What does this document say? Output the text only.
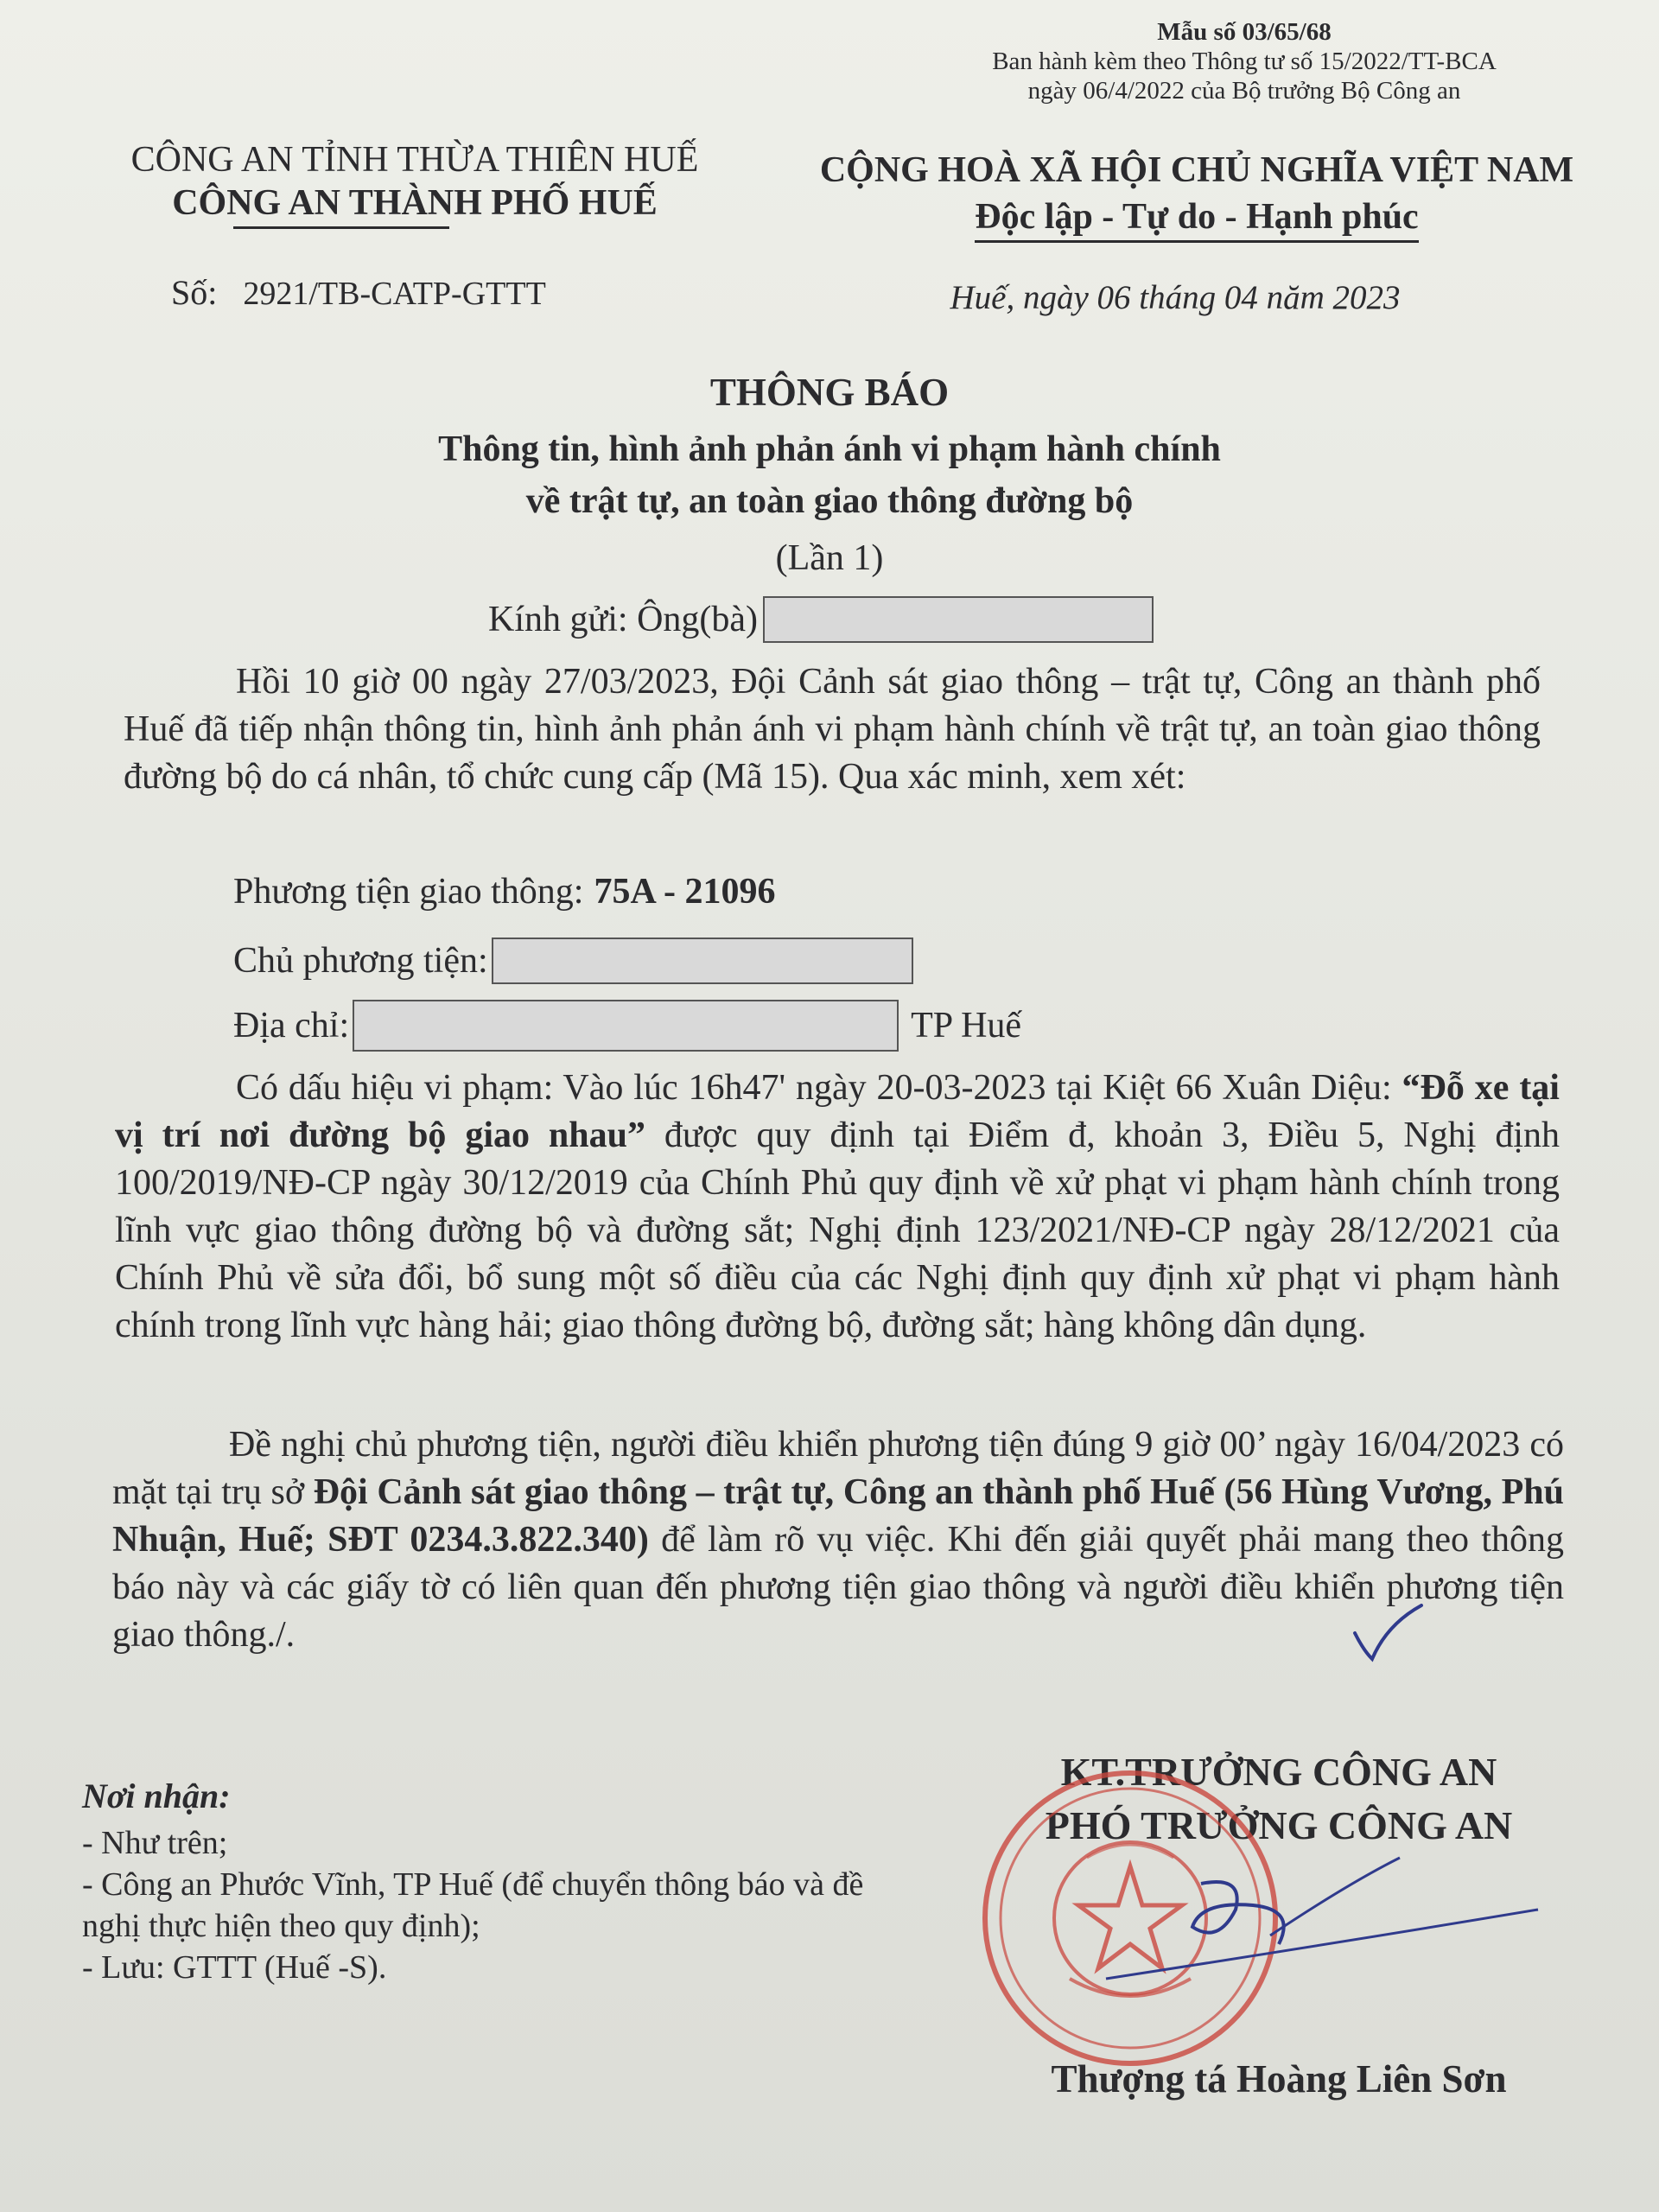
Mẫu số 03/65/68
Ban hành kèm theo Thông tư số 15/2022/TT-BCA
ngày 06/4/2022 của Bộ trưởng Bộ Công an
CÔNG AN TỈNH THỪA THIÊN HUẾ
CÔNG AN THÀNH PHỐ HUẾ
CỘNG HOÀ XÃ HỘI CHỦ NGHĨA VIỆT NAM
Độc lập - Tự do - Hạnh phúc
Số: 2921/TB-CATP-GTTT	Huế, ngày 06 tháng 04 năm 2023
THÔNG BÁO
Thông tin, hình ảnh phản ánh vi phạm hành chính
về trật tự, an toàn giao thông đường bộ
(Lần 1)
Kính gửi: Ông(bà)
Hồi 10 giờ 00 ngày 27/03/2023, Đội Cảnh sát giao thông – trật tự, Công an thành phố Huế đã tiếp nhận thông tin, hình ảnh phản ánh vi phạm hành chính về trật tự, an toàn giao thông đường bộ do cá nhân, tổ chức cung cấp (Mã 15). Qua xác minh, xem xét:
Phương tiện giao thông: 75A - 21096
Chủ phương tiện:
Địa chỉ:	TP Huế
Có dấu hiệu vi phạm: Vào lúc 16h47' ngày 20-03-2023 tại Kiệt 66 Xuân Diệu: “Đỗ xe tại vị trí nơi đường bộ giao nhau” được quy định tại Điểm đ, khoản 3, Điều 5, Nghị định 100/2019/NĐ-CP ngày 30/12/2019 của Chính Phủ quy định về xử phạt vi phạm hành chính trong lĩnh vực giao thông đường bộ và đường sắt; Nghị định 123/2021/NĐ-CP ngày 28/12/2021 của Chính Phủ về sửa đổi, bổ sung một số điều của các Nghị định quy định xử phạt vi phạm hành chính trong lĩnh vực hàng hải; giao thông đường bộ, đường sắt; hàng không dân dụng.
Đề nghị chủ phương tiện, người điều khiển phương tiện đúng 9 giờ 00’ ngày 16/04/2023 có mặt tại trụ sở Đội Cảnh sát giao thông – trật tự, Công an thành phố Huế (56 Hùng Vương, Phú Nhuận, Huế; SĐT 0234.3.822.340) để làm rõ vụ việc. Khi đến giải quyết phải mang theo thông báo này và các giấy tờ có liên quan đến phương tiện giao thông và người điều khiển phương tiện giao thông./.
Nơi nhận:
- Như trên;
- Công an Phước Vĩnh, TP Huế (để chuyển thông báo và đề nghị thực hiện theo quy định);
- Lưu: GTTT (Huế -S).
KT.TRƯỞNG CÔNG AN
PHÓ TRƯỞNG CÔNG AN
Thượng tá Hoàng Liên Sơn
